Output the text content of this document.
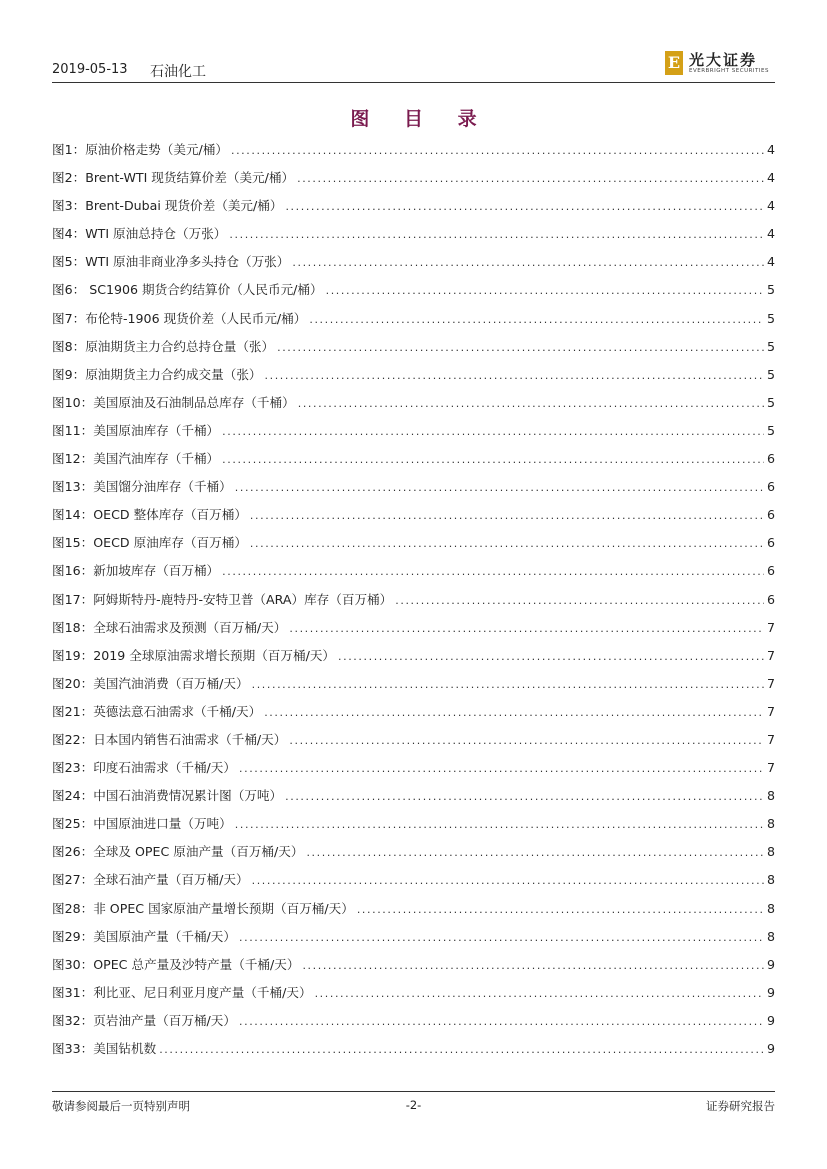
2019-05-13 石油化工	E 光大证券
EVERBRIGHT SECURITIES
图 目 录
图1：原油价格走势（美元/桶） .....	4
图2：Brent-WTI 现货结算价差（美元/桶） .....	4
图3：Brent-Dubai 现货价差（美元/桶） .....	4
图4：WTI 原油总持仓（万张） .....	4
图5：WTI 原油非商业净多头持仓（万张） .....	4
图6： SC1906 期货合约结算价（人民币元/桶） .....	5
图7：布伦特-1906 现货价差（人民币元/桶） .....	5
图8：原油期货主力合约总持仓量（张） .....	5
图9：原油期货主力合约成交量（张） .....	5
图10：美国原油及石油制品总库存（千桶） .....	5
图11：美国原油库存（千桶） .....	5
图12：美国汽油库存（千桶） .....	6
图13：美国馏分油库存（千桶） .....	6
图14：OECD 整体库存（百万桶） .....	6
图15：OECD 原油库存（百万桶） .....	6
图16：新加坡库存（百万桶） .....	6
图17：阿姆斯特丹-鹿特丹-安特卫普（ARA）库存（百万桶） .....	6
图18：全球石油需求及预测（百万桶/天） .....	7
图19：2019 全球原油需求增长预期（百万桶/天） .....	7
图20：美国汽油消费（百万桶/天） .....	7
图21：英德法意石油需求（千桶/天） .....	7
图22：日本国内销售石油需求（千桶/天） .....	7
图23：印度石油需求（千桶/天） .....	7
图24：中国石油消费情况累计图（万吨） .....	8
图25：中国原油进口量（万吨） .....	8
图26：全球及 OPEC 原油产量（百万桶/天） .....	8
图27：全球石油产量（百万桶/天） .....	8
图28：非 OPEC 国家原油产量增长预期（百万桶/天） .....	8
图29：美国原油产量（千桶/天） .....	8
图30：OPEC 总产量及沙特产量（千桶/天） .....	9
图31：利比亚、尼日利亚月度产量（千桶/天） .....	9
图32：页岩油产量（百万桶/天） .....	9
图33：美国钻机数 .....	9
敬请参阅最后一页特别声明	-2-	证券研究报告
